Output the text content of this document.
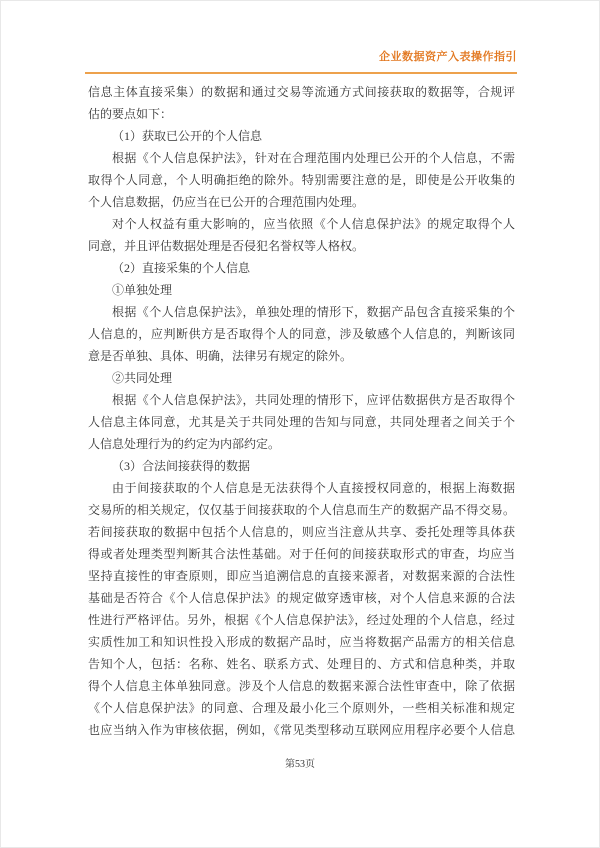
企业数据资产入表操作指引
信息主体直接采集）的数据和通过交易等流通方式间接获取的数据等，合规评
估的要点如下：
（1）获取已公开的个人信息
根据《个人信息保护法》，针对在合理范围内处理已公开的个人信息，不需
取得个人同意，个人明确拒绝的除外。特别需要注意的是，即使是公开收集的
个人信息数据，仍应当在已公开的合理范围内处理。
对个人权益有重大影响的，应当依照《个人信息保护法》的规定取得个人
同意，并且评估数据处理是否侵犯名誉权等人格权。
（2）直接采集的个人信息
①单独处理
根据《个人信息保护法》，单独处理的情形下，数据产品包含直接采集的个
人信息的，应判断供方是否取得个人的同意，涉及敏感个人信息的，判断该同
意是否单独、具体、明确，法律另有规定的除外。
②共同处理
根据《个人信息保护法》，共同处理的情形下，应评估数据供方是否取得个
人信息主体同意，尤其是关于共同处理的告知与同意，共同处理者之间关于个
人信息处理行为的约定为内部约定。
（3）合法间接获得的数据
由于间接获取的个人信息是无法获得个人直接授权同意的，根据上海数据
交易所的相关规定，仅仅基于间接获取的个人信息而生产的数据产品不得交易。
若间接获取的数据中包括个人信息的，则应当注意从共享、委托处理等具体获
得或者处理类型判断其合法性基础。对于任何的间接获取形式的审查，均应当
坚持直接性的审查原则，即应当追溯信息的直接来源者，对数据来源的合法性
基础是否符合《个人信息保护法》的规定做穿透审核，对个人信息来源的合法
性进行严格评估。另外，根据《个人信息保护法》，经过处理的个人信息，经过
实质性加工和知识性投入形成的数据产品时，应当将数据产品需方的相关信息
告知个人，包括：名称、姓名、联系方式、处理目的、方式和信息种类，并取
得个人信息主体单独同意。涉及个人信息的数据来源合法性审查中，除了依据
《个人信息保护法》的同意、合理及最小化三个原则外，一些相关标准和规定
也应当纳入作为审核依据，例如，《常见类型移动互联网应用程序必要个人信息
第53页
